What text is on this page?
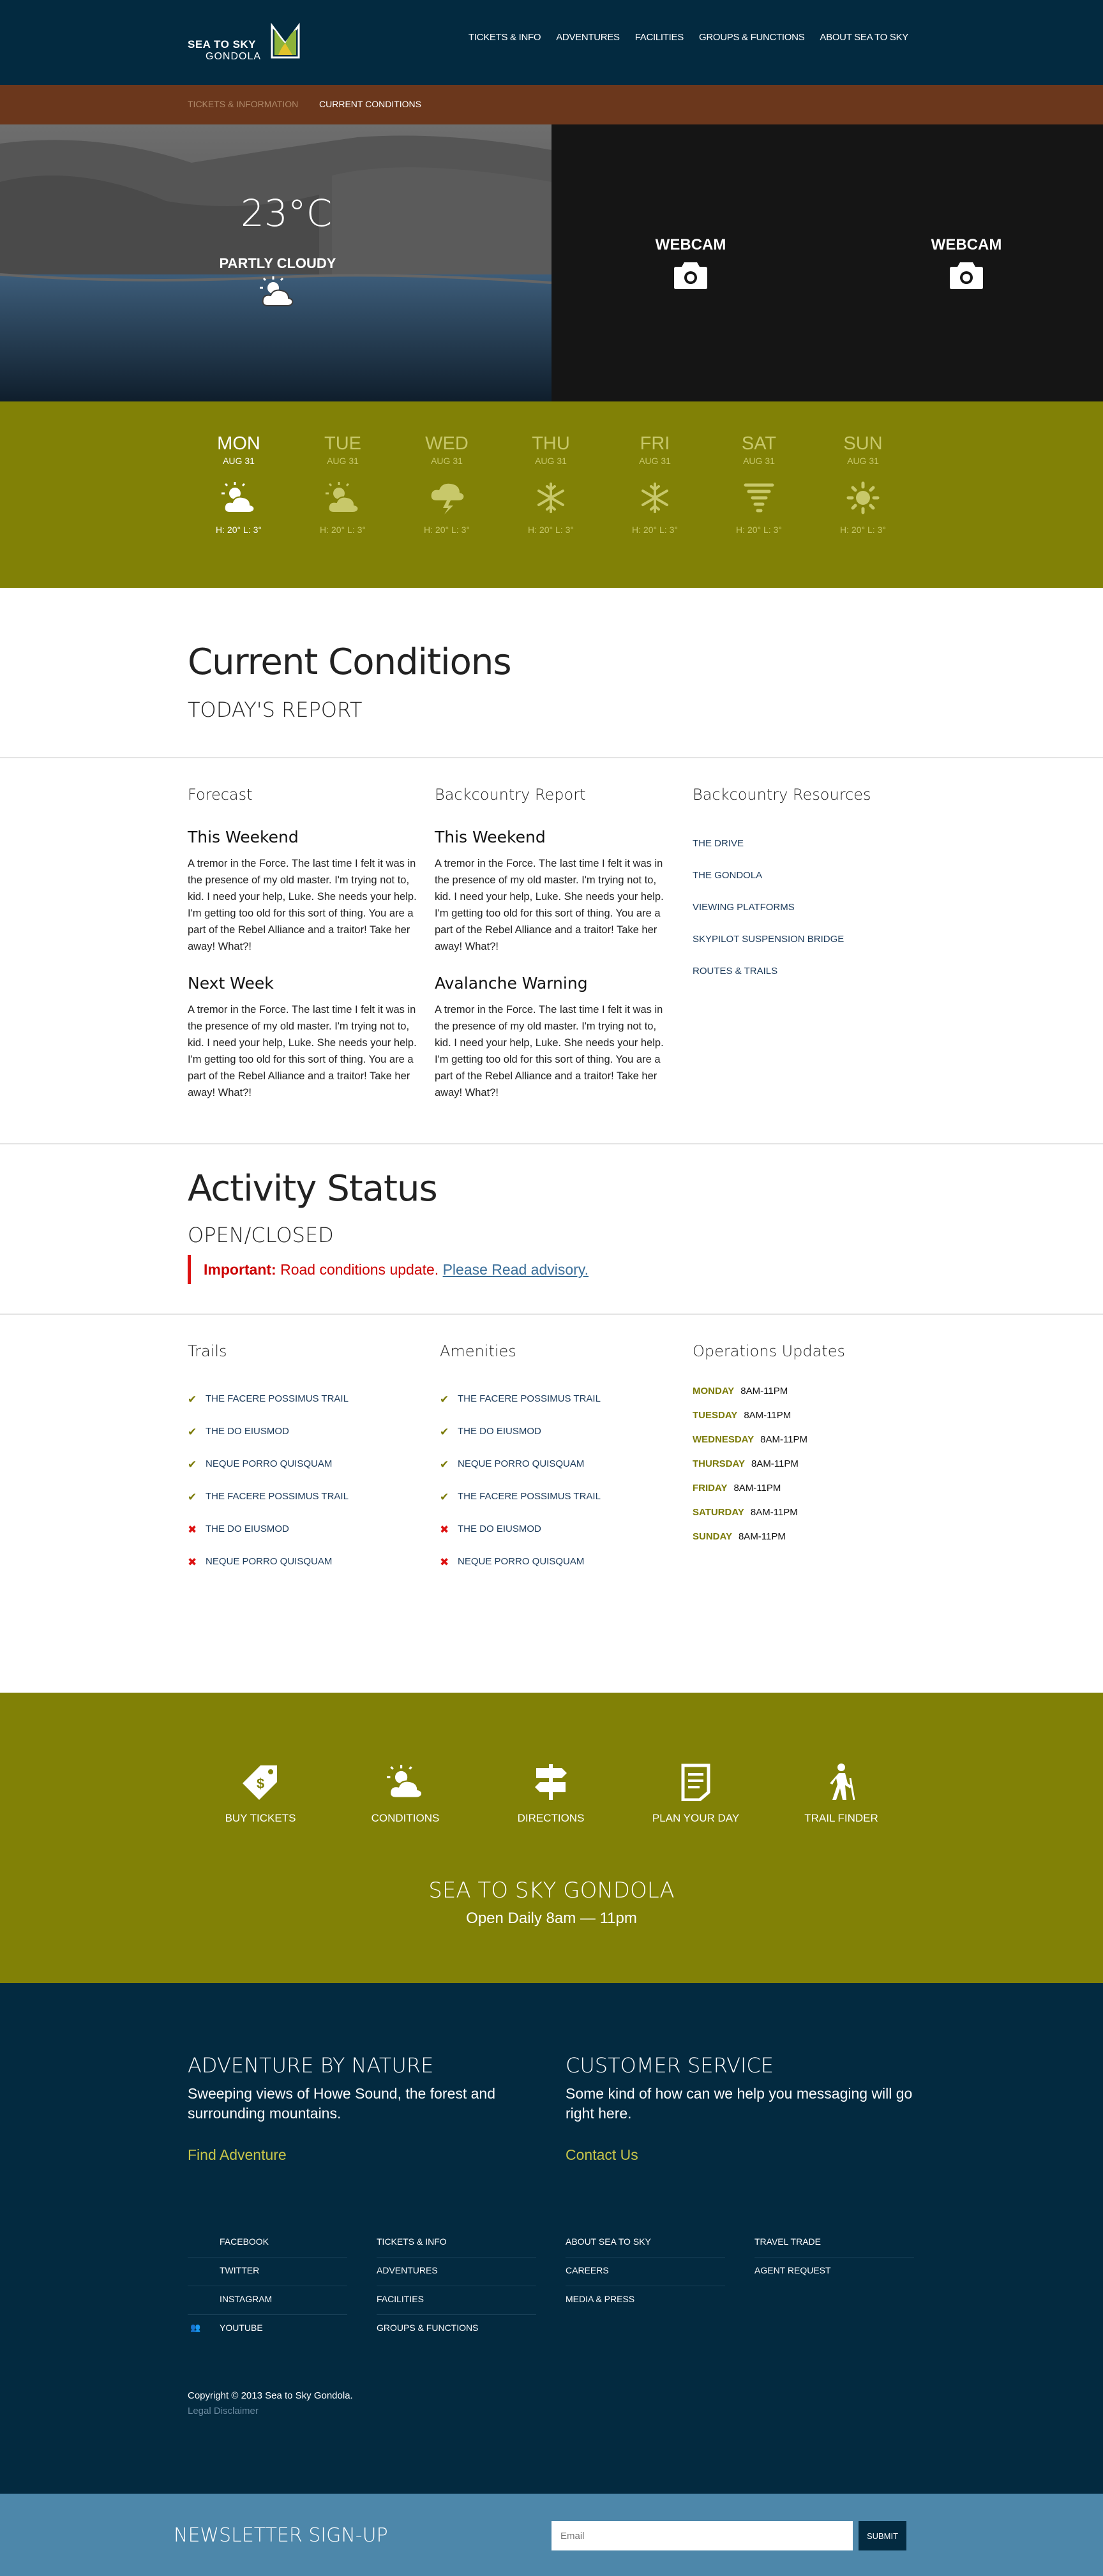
SEA TO SKY
GONDOLA
TICKETS & INFO ADVENTURES FACILITIES GROUPS & FUNCTIONS ABOUT SEA TO SKY
TICKETS & INFORMATION CURRENT CONDITIONS
23°C
PARTLY CLOUDY
WEBCAM	WEBCAM
MON
AUG 31
H: 20° L: 3°
TUE
AUG 31
H: 20° L: 3°
WED
AUG 31
H: 20° L: 3°
THU
AUG 31
H: 20° L: 3°
FRI
AUG 31
H: 20° L: 3°
SAT
AUG 31
H: 20° L: 3°
SUN
AUG 31
H: 20° L: 3°
Current Conditions
TODAY'S REPORT
Forecast
This Weekend
A tremor in the Force. The last time I felt it was in the presence of my old master. I'm trying not to, kid. I need your help, Luke. She needs your help. I'm getting too old for this sort of thing. You are a part of the Rebel Alliance and a traitor! Take her away! What?!
Next Week
A tremor in the Force. The last time I felt it was in the presence of my old master. I'm trying not to, kid. I need your help, Luke. She needs your help. I'm getting too old for this sort of thing. You are a part of the Rebel Alliance and a traitor! Take her away! What?!
Backcountry Report
This Weekend
A tremor in the Force. The last time I felt it was in the presence of my old master. I'm trying not to, kid. I need your help, Luke. She needs your help. I'm getting too old for this sort of thing. You are a part of the Rebel Alliance and a traitor! Take her away! What?!
Avalanche Warning
A tremor in the Force. The last time I felt it was in the presence of my old master. I'm trying not to, kid. I need your help, Luke. She needs your help. I'm getting too old for this sort of thing. You are a part of the Rebel Alliance and a traitor! Take her away! What?!
Backcountry Resources
THE DRIVE
THE GONDOLA
VIEWING PLATFORMS
SKYPILOT SUSPENSION BRIDGE
ROUTES & TRAILS
Activity Status
OPEN/CLOSED
Important: Road conditions update. Please Read advisory.
Trails
✔ THE FACERE POSSIMUS TRAIL
✔ THE DO EIUSMOD
✔ NEQUE PORRO QUISQUAM
✔ THE FACERE POSSIMUS TRAIL
✖ THE DO EIUSMOD
✖ NEQUE PORRO QUISQUAM
Amenities
✔ THE FACERE POSSIMUS TRAIL
✔ THE DO EIUSMOD
✔ NEQUE PORRO QUISQUAM
✔ THE FACERE POSSIMUS TRAIL
✖ THE DO EIUSMOD
✖ NEQUE PORRO QUISQUAM
Operations Updates
MONDAY 8AM-11PM
TUESDAY 8AM-11PM
WEDNESDAY 8AM-11PM
THURSDAY 8AM-11PM
FRIDAY 8AM-11PM
SATURDAY 8AM-11PM
SUNDAY 8AM-11PM
$
BUY TICKETS	CONDITIONS	DIRECTIONS	PLAN YOUR DAY	TRAIL FINDER
SEA TO SKY GONDOLA
Open Daily 8am — 11pm
ADVENTURE BY NATURE
Sweeping views of Howe Sound, the forest and surrounding mountains.
Find Adventure
CUSTOMER SERVICE
Some kind of how can we help you messaging will go right here.
Contact Us
FACEBOOK
TWITTER
INSTAGRAM
👥 YOUTUBE
TICKETS & INFO
ADVENTURES
FACILITIES
GROUPS & FUNCTIONS
ABOUT SEA TO SKY
CAREERS
MEDIA & PRESS
TRAVEL TRADE
AGENT REQUEST
Copyright © 2013 Sea to Sky Gondola.
Legal Disclaimer
NEWSLETTER SIGN-UP
Email	SUBMIT
